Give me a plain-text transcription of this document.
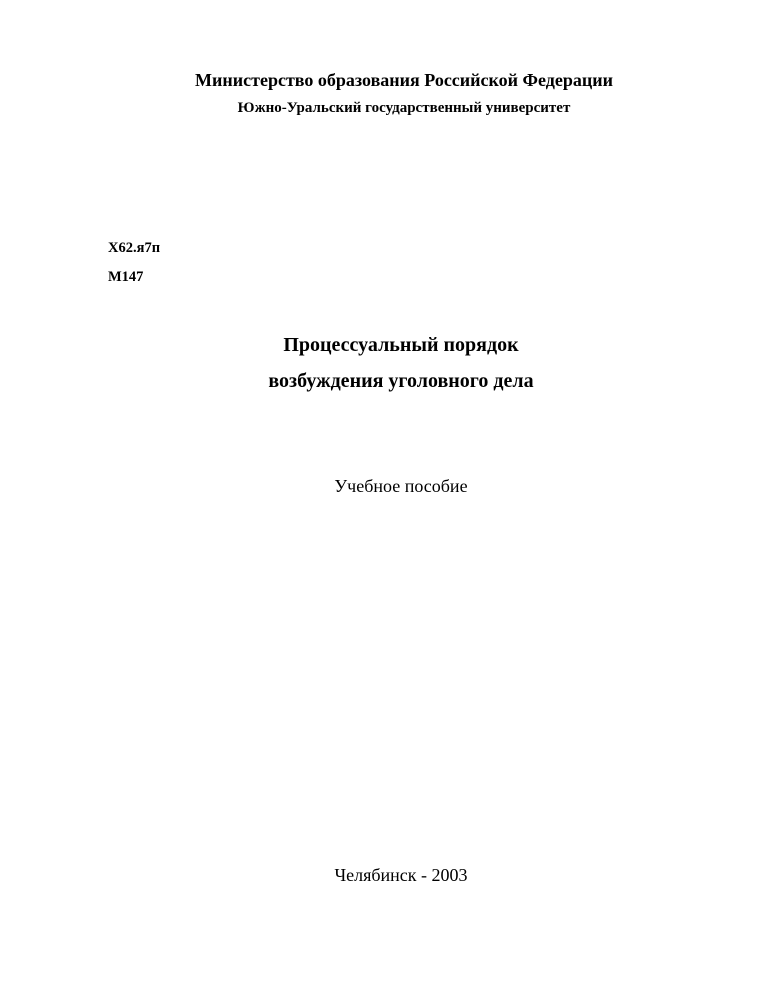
Министерство образования Российской Федерации
Южно-Уральский государственный университет
Х62.я7п
М147
Процессуальный порядок
возбуждения уголовного дела
Учебное пособие
Челябинск - 2003
